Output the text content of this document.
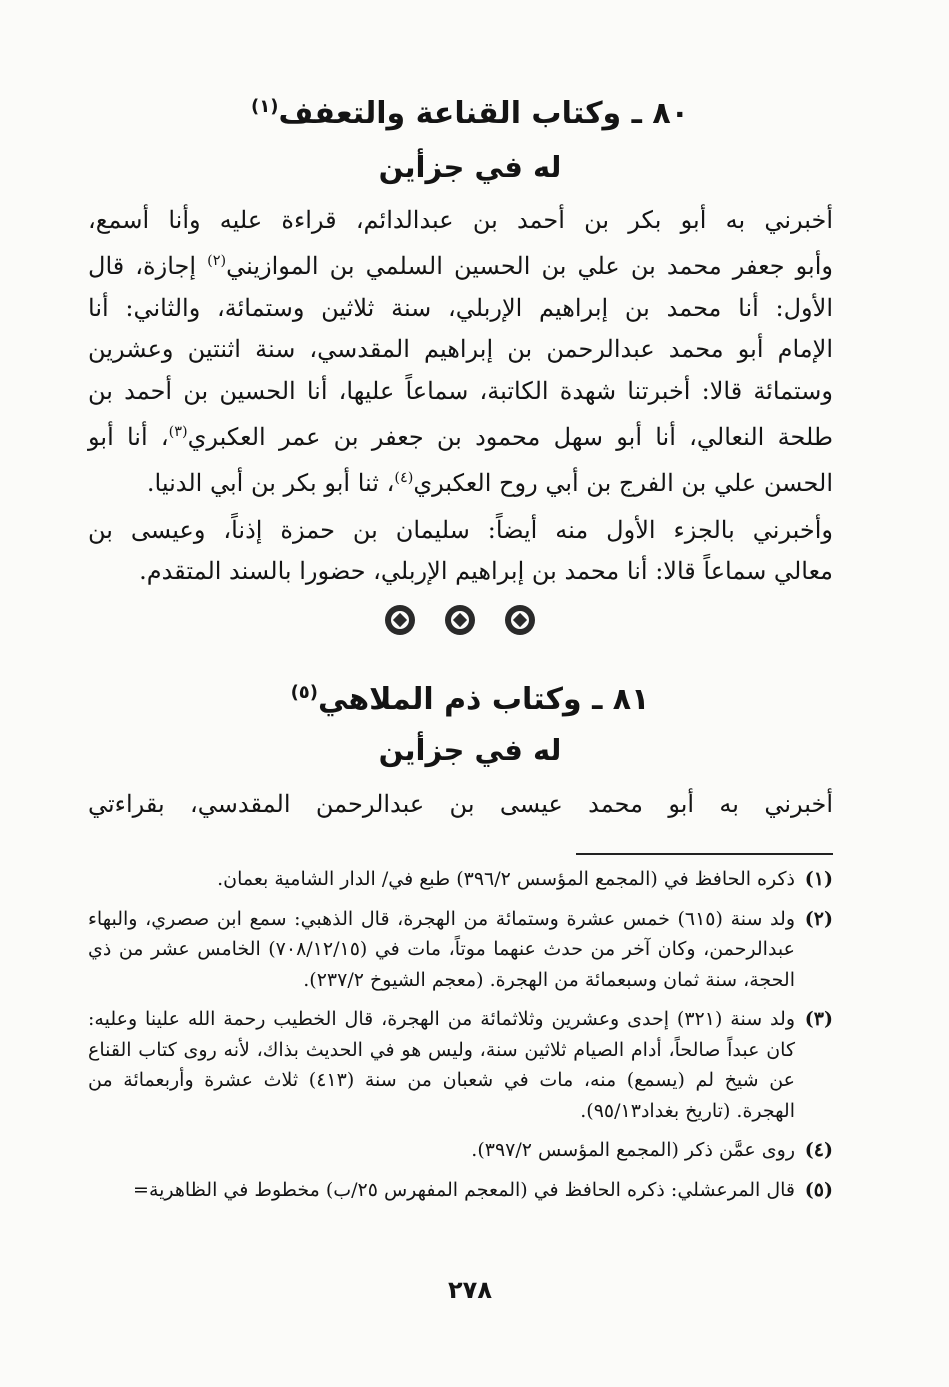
٨٠ ـ وكتاب القناعة والتعفف$^{(١)}$
له في جزأين
أخبرني به أبو بكر بن أحمد بن عبدالدائم، قراءة عليه وأنا أسمع،
وأبو جعفر محمد بن علي بن الحسين السلمي بن الموازيني$^{(٢)}$ إجازة، قال
الأول: أنا محمد بن إبراهيم الإربلي، سنة ثلاثين وستمائة، والثاني: أنا
الإمام أبو محمد عبدالرحمن بن إبراهيم المقدسي، سنة اثنتين وعشرين
وستمائة قالا: أخبرتنا شهدة الكاتبة، سماعاً عليها، أنا الحسين بن أحمد بن
طلحة النعالي، أنا أبو سهل محمود بن جعفر بن عمر العكبري$^{(٣)}$، أنا أبو
الحسن علي بن الفرج بن أبي روح العكبري$^{(٤)}$، ثنا أبو بكر بن أبي الدنيا.
وأخبرني بالجزء الأول منه أيضاً: سليمان بن حمزة إذناً، وعيسى بن
معالي سماعاً قالا: أنا محمد بن إبراهيم الإربلي، حضورا بالسند المتقدم.
٨١ ـ وكتاب ذم الملاهي$^{(٥)}$
له في جزأين
أخبرني به أبو محمد عيسى بن عبدالرحمن المقدسي، بقراءتي
(١)
ذكره الحافظ في (المجمع المؤسس ٣٩٦/٢) طبع في/ الدار الشامية بعمان.
(٢)
ولد سنة (٦١٥) خمس عشرة وستمائة من الهجرة، قال الذهبي: سمع ابن صصري، والبهاء عبدالرحمن، وكان آخر من حدث عنهما موتاً، مات في (٧٠٨/١٢/١٥) الخامس عشر من ذي الحجة، سنة ثمان وسبعمائة من الهجرة. (معجم الشيوخ ٢٣٧/٢).
(٣)
ولد سنة (٣٢١) إحدى وعشرين وثلاثمائة من الهجرة، قال الخطيب رحمة الله علينا وعليه: كان عبداً صالحاً، أدام الصيام ثلاثين سنة، وليس هو في الحديث بذاك، لأنه روى كتاب القناع عن شيخ لم (يسمع) منه، مات في شعبان من سنة (٤١٣) ثلاث عشرة وأربعمائة من الهجرة. (تاريخ بغداد٩٥/١٣).
(٤)
روى عمَّن ذكر (المجمع المؤسس ٣٩٧/٢).
(٥)
قال المرعشلي: ذكره الحافظ في (المعجم المفهرس ٢٥/ب) مخطوط في الظاهرية=
٢٧٨
